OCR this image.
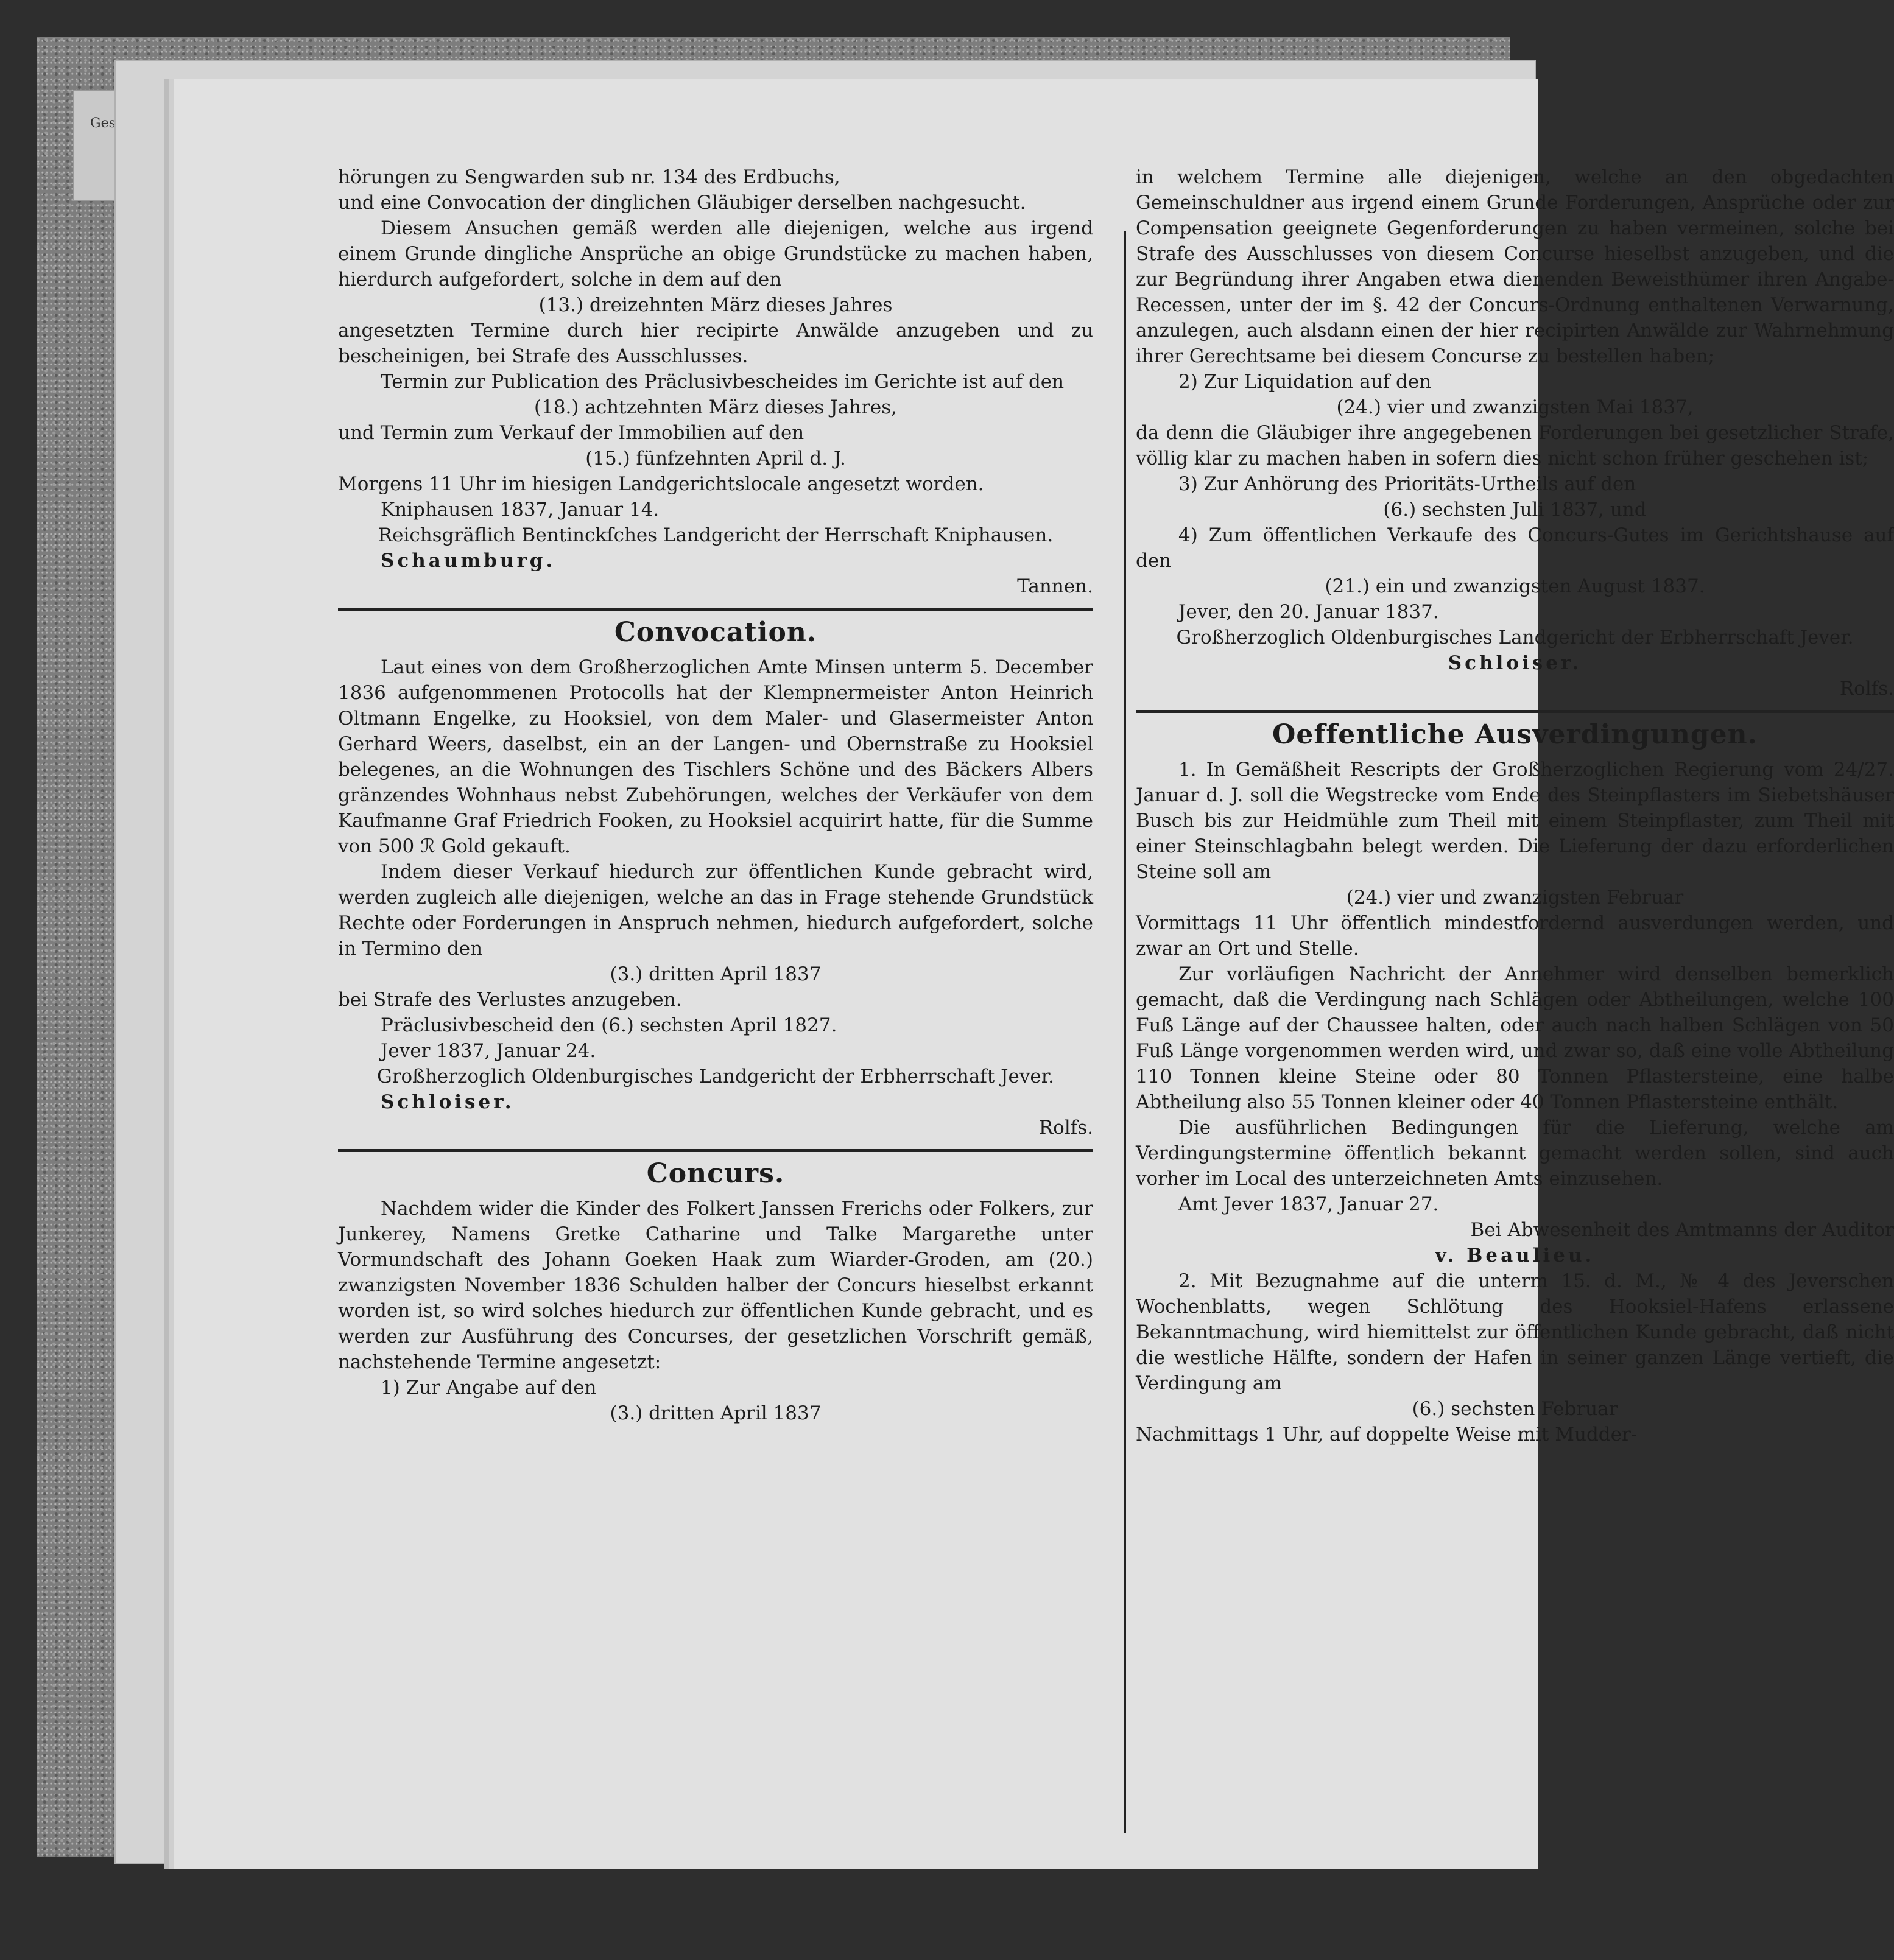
Ges

hörungen zu Sengwarden sub nr. 134 des Erdbuchs,

und eine Convocation der dinglichen Gläubiger derselben nachgesucht.

Diesem Ansuchen gemäß werden alle diejenigen, welche aus irgend einem Grunde dingliche Ansprüche an obige Grundstücke zu machen haben, hierdurch aufgefordert, solche in dem auf den

(13.) dreizehnten März dieses Jahres

angesetzten Termine durch hier recipirte Anwälde anzugeben und zu bescheinigen, bei Strafe des Ausschlusses.

Termin zur Publication des Präclusivbescheides im Gerichte ist auf den

(18.) achtzehnten März dieses Jahres,

und Termin zum Verkauf der Immobilien auf den

(15.) fünfzehnten April d. J.

Morgens 11 Uhr im hiesigen Landgerichtslocale angesetzt worden.

Kniphausen 1837, Januar 14.

Reichsgräflich Bentinckſches Landgericht der Herrschaft Kniphausen.

Schaumburg.

Tannen.

Convocation.

Laut eines von dem Großherzoglichen Amte Minsen unterm 5. December 1836 aufgenommenen Protocolls hat der Klempnermeister Anton Heinrich Oltmann Engelke, zu Hooksiel, von dem Maler- und Glasermeister Anton Gerhard Weers, daselbst, ein an der Langen- und Obernstraße zu Hooksiel belegenes, an die Wohnungen des Tischlers Schöne und des Bäckers Albers gränzendes Wohnhaus nebst Zubehörungen, welches der Verkäufer von dem Kaufmanne Graf Friedrich Fooken, zu Hooksiel acquirirt hatte, für die Summe von 500 ℛ Gold gekauft.

Indem dieser Verkauf hiedurch zur öffentlichen Kunde gebracht wird, werden zugleich alle diejenigen, welche an das in Frage stehende Grundstück Rechte oder Forderungen in Anspruch nehmen, hiedurch aufgefordert, solche in Termino den

(3.) dritten April 1837

bei Strafe des Verlustes anzugeben.

Präclusivbescheid den (6.) sechsten April 1827.

Jever 1837, Januar 24.

Großherzoglich Oldenburgisches Landgericht der Erbherrschaft Jever.

Schloiser.

Rolfs.

Concurs.

Nachdem wider die Kinder des Folkert Janssen Frerichs oder Folkers, zur Junkerey, Namens Gretke Catharine und Talke Margarethe unter Vormundschaft des Johann Goeken Haak zum Wiarder-Groden, am (20.) zwanzigsten November 1836 Schulden halber der Concurs hieselbst erkannt worden ist, so wird solches hiedurch zur öffentlichen Kunde gebracht, und es werden zur Ausführung des Concurses, der gesetzlichen Vorschrift gemäß, nachstehende Termine angesetzt:

1) Zur Angabe auf den

(3.) dritten April 1837

in welchem Termine alle diejenigen, welche an den obgedachten Gemeinschuldner aus irgend einem Grunde Forderungen, Ansprüche oder zur Compensation geeignete Gegenforderungen zu haben vermeinen, solche bei Strafe des Ausschlusses von diesem Concurse hieselbst anzugeben, und die zur Begründung ihrer Angaben etwa dienenden Beweisthümer ihren Angabe-Recessen, unter der im §. 42 der Concurs-Ordnung enthaltenen Verwarnung, anzulegen, auch alsdann einen der hier recipirten Anwälde zur Wahrnehmung ihrer Gerechtsame bei diesem Concurse zu bestellen haben;

2) Zur Liquidation auf den

(24.) vier und zwanzigsten Mai 1837,

da denn die Gläubiger ihre angegebenen Forderungen bei gesetzlicher Strafe, völlig klar zu machen haben in sofern dies nicht schon früher geschehen ist;

3) Zur Anhörung des Prioritäts-Urtheils auf den

(6.) sechsten Juli 1837, und

4) Zum öffentlichen Verkaufe des Concurs-Gutes im Gerichtshause auf den

(21.) ein und zwanzigsten August 1837.

Jever, den 20. Januar 1837.

Großherzoglich Oldenburgisches Landgericht der Erbherrschaft Jever.

Schloiser.

Rolfs.

Oeffentliche Ausverdingungen.

1. In Gemäßheit Rescripts der Großherzoglichen Regierung vom 24/27. Januar d. J. soll die Wegstrecke vom Ende des Steinpflasters im Siebetshäuser Busch bis zur Heidmühle zum Theil mit einem Steinpflaster, zum Theil mit einer Steinschlagbahn belegt werden. Die Lieferung der dazu erforderlichen Steine soll am

(24.) vier und zwanzigsten Februar

Vormittags 11 Uhr öffentlich mindestfordernd ausverdungen werden, und zwar an Ort und Stelle.

Zur vorläufigen Nachricht der Annehmer wird denselben bemerklich gemacht, daß die Verdingung nach Schlägen oder Abtheilungen, welche 100 Fuß Länge auf der Chaussee halten, oder auch nach halben Schlägen von 50 Fuß Länge vorgenommen werden wird, und zwar so, daß eine volle Abtheilung 110 Tonnen kleine Steine oder 80 Tonnen Pflastersteine, eine halbe Abtheilung also 55 Tonnen kleiner oder 40 Tonnen Pflastersteine enthält.

Die ausführlichen Bedingungen für die Lieferung, welche am Verdingungstermine öffentlich bekannt gemacht werden sollen, sind auch vorher im Local des unterzeichneten Amts einzusehen.

Amt Jever 1837, Januar 27.

Bei Abwesenheit des Amtmanns der Auditor

v. Beaulieu.

2. Mit Bezugnahme auf die unterm 15. d. M., № 4 des Jeverschen Wochenblatts, wegen Schlötung des Hooksiel-Hafens erlassene Bekanntmachung, wird hiemittelst zur öffentlichen Kunde gebracht, daß nicht die westliche Hälfte, sondern der Hafen in seiner ganzen Länge vertieft, die Verdingung am

(6.) sechsten Februar

Nachmittags 1 Uhr, auf doppelte Weise mit Mudder-
